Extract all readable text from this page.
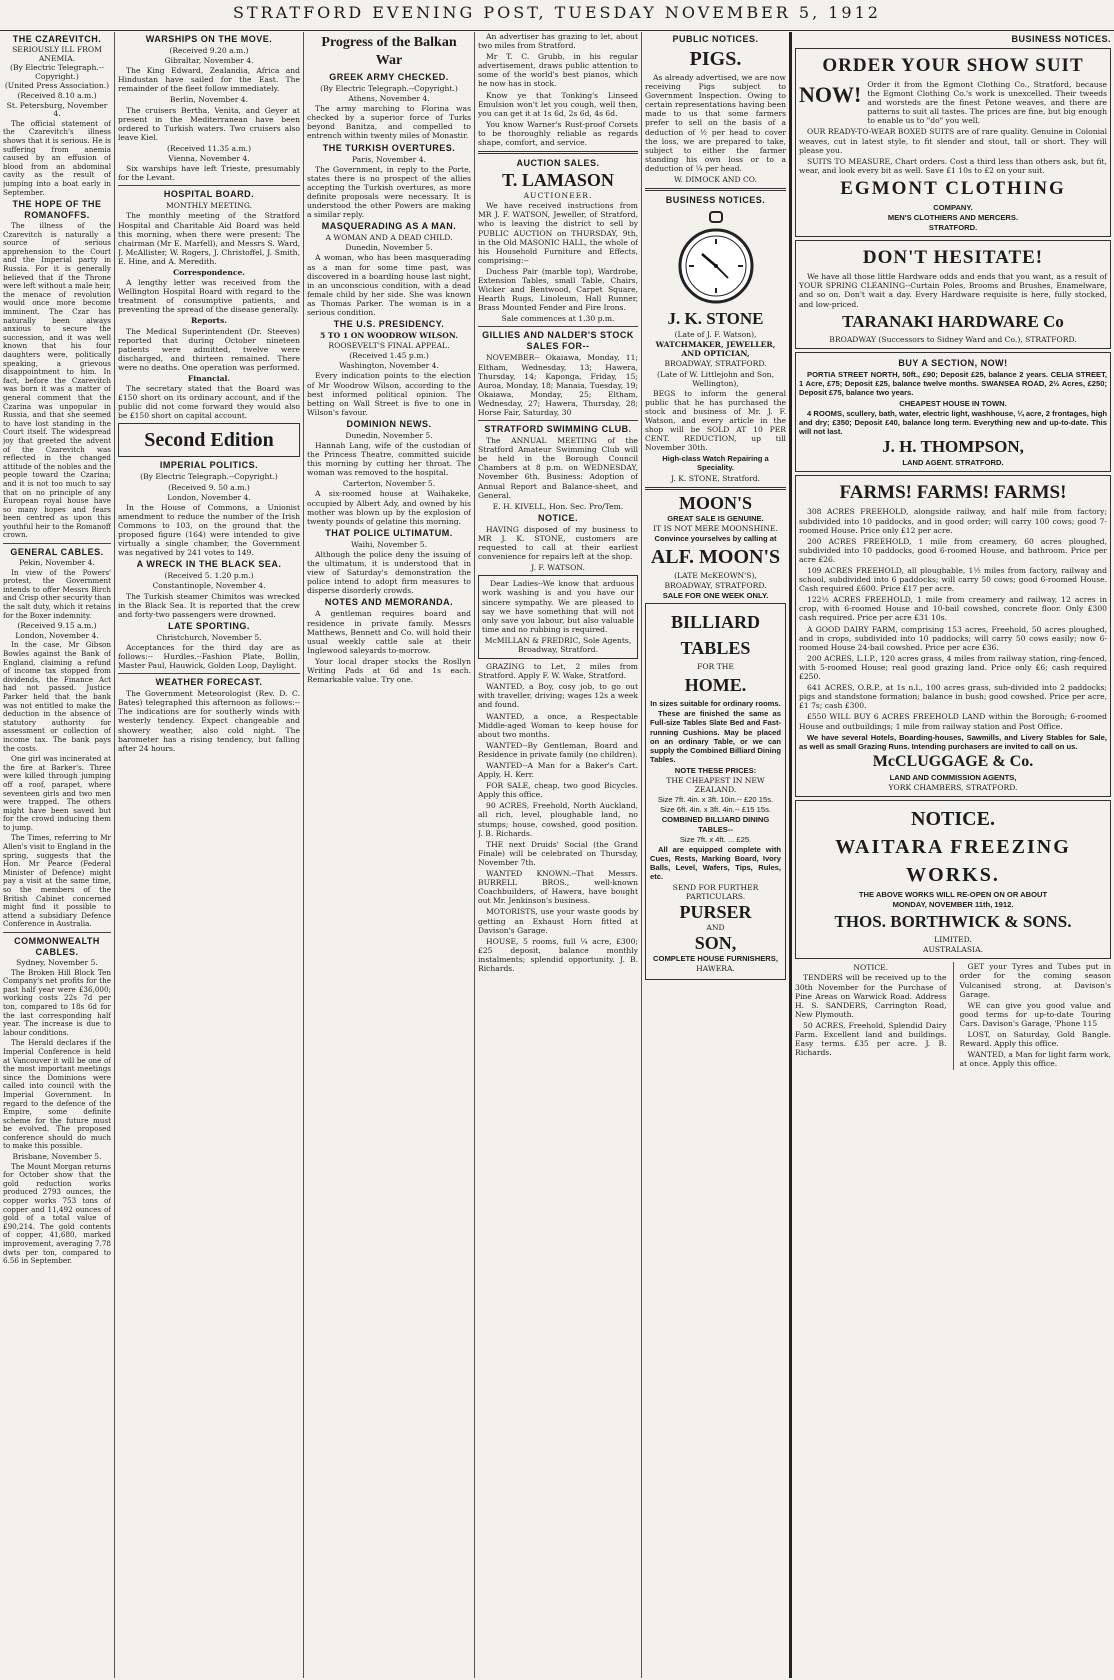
STRATFORD EVENING POST, TUESDAY NOVEMBER 5, 1912
THE CZAREVITCH.
SERIOUSLY ILL FROM ANEMIA.
(By Electric Telegraph.--Copyright.)
(United Press Association.)
(Received 8.10 a.m.)
St. Petersburg, November 4.

The official statement of the Czarevitch's illness shows that it is serious. He is suffering from anemia caused by an effusion of blood from an abdominal cavity as the result of jumping into a boat early in September.

THE HOPE OF THE ROMANOFFS.

The illness of the Czarevitch is naturally a source of serious apprehension to the Court and the Imperial party in Russia. For it is generally believed that if the Throne were left without a male heir, the menace of revolution would once more become imminent. The Czar has naturally been always anxious to secure the succession, and it was well known that his four daughters were, politically speaking, a grievous disappointment to him. In fact, before the Czarevitch was born it was a matter of general comment that the Czarina was unpopular in Russia, and that she seemed to have lost standing in the Court itself. The widespread joy that greeted the advent of the Czarevitch was reflected in the changed attitude of the nobles and the people toward the Czarina; and it is not too much to say that on no principle of any European royal house have so many hopes and fears been centred as upon this youthful heir to the Romanoff crown.

GENERAL CABLES.
Pekin, November 4.

In view of the Powers' protest, the Government intends to offer Messrs Birch and Crisp other security than the salt duty, which it retains for the Boxer indemnity.

(Received 9.15 a.m.)
London, November 4.

In the case, Mr Gibson Bowles against the Bank of England, claiming a refund of income tax stopped from dividends, the Finance Act had not passed. Justice Parker held that the bank was not entitled to make the deduction in the absence of statutory authority for assessment or collection of income tax. The bank pays the costs.

One girl was incinerated at the fire at Barker's. Three were killed through jumping off a roof, parapet, where seventeen girls and two men were trapped. The others might have been saved but for the crowd inducing them to jump.

The Times, referring to Mr Allen's visit to England in the spring, suggests that the Hon. Mr Pearce (Federal Minister of Defence) might pay a visit at the same time, so the members of the British Cabinet concerned might find it possible to attend a subsidiary Defence Conference in Australia.

COMMONWEALTH CABLES.
Sydney, November 5.

The Broken Hill Block Ten Company's net profits for the past half year were £36,000; working costs 22s 7d per ton, compared to 18s 6d for the last corresponding half year. The increase is due to labour conditions.

The Herald declares if the Imperial Conference is held at Vancouver it will be one of the most important meetings since the Dominions were called into council with the Imperial Government. In regard to the defence of the Empire, some definite scheme for the future must be evolved. The proposed conference should do much to make this possible.

Brisbane, November 5.

The Mount Morgan returns for October show that the gold reduction works produced 2793 ounces, the copper works 753 tons of copper and 11,492 ounces of gold of a total value of £90,214. The gold contents of copper, 41,680, marked improvement, averaging 7.78 dwts per ton, compared to 6.56 in September.

WARSHIPS ON THE MOVE.
(Received 9.20 a.m.)
Gibraltar, November 4.

The King Edward, Zealandia, Africa and Hindustan have sailed for the East. The remainder of the fleet follow immediately.

Berlin, November 4.

The cruisers Bertha, Venita, and Geyer at present in the Mediterranean have been ordered to Turkish waters. Two cruisers also leave Kiel.

(Received 11.35 a.m.)
Vienna, November 4.

Six warships have left Trieste, presumably for the Levant.

HOSPITAL BOARD.
MONTHLY MEETING.

The monthly meeting of the Stratford Hospital and Charitable Aid Board was held this morning, when there were present: The chairman (Mr E. Marfell), and Messrs S. Ward, J. McAllister, W. Rogers, J. Christoffel, J. Smith, E. Hine, and A. Meredith.

Correspondence.

A lengthy letter was received from the Wellington Hospital Board with regard to the treatment of consumptive patients, and preventing the spread of the disease generally.

Reports.

The Medical Superintendent (Dr. Steeves) reported that during October nineteen patients were admitted, twelve were discharged, and thirteen remained. There were no deaths. One operation was performed.

Financial.

The secretary stated that the Board was £150 short on its ordinary account, and if the public did not come forward they would also be £150 short on capital account.

Second Edition
IMPERIAL POLITICS.
(By Electric Telegraph.--Copyright.)
(Received 9. 50 a.m.)
London, November 4.

In the House of Commons, a Unionist amendment to reduce the number of the Irish Commons to 103, on the ground that the proposed figure (164) were intended to give virtually a single chamber, the Government was negatived by 241 votes to 149.

A WRECK IN THE BLACK SEA.
(Received 5. 1.20 p.m.)
Constantinople, November 4.

The Turkish steamer Chimitos was wrecked in the Black Sea. It is reported that the crew and forty-two passengers were drowned.

LATE SPORTING.
Christchurch, November 5.

Acceptances for the third day are as follows:-- Hurdles.--Fashion Plate, Bollin, Master Paul, Hauwick, Golden Loop, Daylight.

WEATHER FORECAST.

The Government Meteorologist (Rev. D. C. Bates) telegraphed this afternoon as follows:-- The indications are for southerly winds with westerly tendency. Expect changeable and showery weather, also cold night. The barometer has a rising tendency, but falling after 24 hours.

Progress of the Balkan War
GREEK ARMY CHECKED.
(By Electric Telegraph.--Copyright.)
Athens, November 4.

The army marching to Florina was checked by a superior force of Turks beyond Banitza, and compelled to entrench within twenty miles of Monastir.

THE TURKISH OVERTURES.
Paris, November 4.

The Government, in reply to the Porte, states there is no prospect of the allies accepting the Turkish overtures, as more definite proposals were necessary. It is understood the other Powers are making a similar reply.

MASQUERADING AS A MAN.
A WOMAN AND A DEAD CHILD.
Dunedin, November 5.

A woman, who has been masquerading as a man for some time past, was discovered in a boarding house last night, in an unconscious condition, with a dead female child by her side. She was known as Thomas Parker. The woman is in a serious condition.

THE U.S. PRESIDENCY.
5 TO 1 ON WOODROW WILSON.
ROOSEVELT'S FINAL APPEAL.
(Received 1.45 p.m.)
Washington, November 4.

Every indication points to the election of Mr Woodrow Wilson, according to the best informed political opinion. The betting on Wall Street is five to one in Wilson's favour.

DOMINION NEWS.
Dunedin, November 5.

Hannah Lang, wife of the custodian of the Princess Theatre, committed suicide this morning by cutting her throat. The woman was removed to the hospital.

Carterton, November 5.

A six-roomed house at Waihakeke, occupied by Albert Ady, and owned by his mother was blown up by the explosion of twenty pounds of gelatine this morning.

THAT POLICE ULTIMATUM.
Waihi, November 5.

Although the police deny the issuing of the ultimatum, it is understood that in view of Saturday's demonstration the police intend to adopt firm measures to disperse disorderly crowds.

NOTES AND MEMORANDA.

A gentleman requires board and residence in private family. Messrs Matthews, Bennett and Co. will hold their usual weekly cattle sale at their Inglewood saleyards to-morrow.

Your local draper stocks the Rosllyn Writing Pads at 6d and 1s each. Remarkable value. Try one.

An advertiser has grazing to let, about two miles from Stratford.

Mr T. C. Grubb, in his regular advertisement, draws public attention to some of the world's best pianos, which he now has in stock.

Know ye that Tonking's Linseed Emulsion won't let you cough, well then, you can get it at 1s 6d, 2s 6d, 4s 6d.

You know Warner's Rust-proof Corsets to be thoroughly reliable as regards shape, comfort, and service.

AUCTION SALES.
T. LAMASON
AUCTIONEER.

We have received instructions from MR J. F. WATSON, Jeweller, of Stratford, who is leaving the district to sell by PUBLIC AUCTION on THURSDAY, 9th, in the Old MASONIC HALL, the whole of his Household Furniture and Effects, comprising:--

Duchess Pair (marble top), Wardrobe, Extension Tables, small Table, Chairs, Wicker and Bentwood, Carpet Square, Hearth Rugs, Linoleum, Hall Runner, Brass Mounted Fender and Fire Irons.

Sale commences at 1.30 p.m.
GILLIES AND NALDER'S STOCK SALES FOR--

NOVEMBER-- Okaiawa, Monday, 11; Eltham, Wednesday, 13; Hawera, Thursday, 14; Kaponga, Friday, 15; Auroa, Monday, 18; Manaia, Tuesday, 19; Okaiawa, Monday, 25; Eltham, Wednesday, 27; Hawera, Thursday, 28; Horse Fair, Saturday, 30

STRATFORD SWIMMING CLUB.

The ANNUAL MEETING of the Stratford Amateur Swimming Club will be held in the Borough Council Chambers at 8 p.m. on WEDNESDAY, November 6th. Business: Adoption of Annual Report and Balance-sheet, and General.

E. H. KIVELL, Hon. Sec. Pro/Tem.
NOTICE.

HAVING disposed of my business to MR J. K. STONE, customers are requested to call at their earliest convenience for repairs left at the shop.

J. F. WATSON.

Dear Ladies--We know that arduous work washing is and you have our sincere sympathy. We are pleased to say we have something that will not only save you labour, but also valuable time and no rubbing is required.

McMILLAN & FREDRIC, Sole Agents, Broadway, Stratford.

GRAZING to Let, 2 miles from Stratford. Apply F. W. Wake, Stratford.

WANTED, a Boy, cosy job, to go out with traveller, driving; wages 12s a week and found.

WANTED, a once, a Respectable Middle-aged Woman to keep house for about two months.

WANTED--By Gentleman, Board and Residence in private family (no children).

WANTED--A Man for a Baker's Cart. Apply, H. Kerr.

FOR SALE, cheap, two good Bicycles. Apply this office.

90 ACRES, Freehold, North Auckland, all rich, level, ploughable land, no stumps; house, cowshed, good position. J. B. Richards.

THE next Druids' Social (the Grand Finale) will be celebrated on Thursday, November 7th.

WANTED KNOWN.--That Messrs. BURRELL BROS., well-known Coachbuilders, of Hawera, have bought out Mr. Jenkinson's business.

MOTORISTS, use your waste goods by getting an Exhaust Horn fitted at Davison's Garage.

HOUSE, 5 rooms, full ¼ acre, £300; £25 deposit, balance monthly instalments; splendid opportunity. J. B. Richards.

PUBLIC NOTICES.
PIGS.

As already advertised, we are now receiving Pigs subject to Government Inspection. Owing to certain representations having been made to us that some farmers prefer to sell on the basis of a deduction of ½ per head to cover the loss, we are prepared to take, subject to either the farmer standing his own loss or to a deduction of ¼ per head.

W. DIMOCK AND CO.
BUSINESS NOTICES.
J. K. STONE
(Late of J. F. Watson),
WATCHMAKER, JEWELLER, AND OPTICIAN,
BROADWAY, STRATFORD.
(Late of W. Littlejohn and Son, Wellington),

BEGS to inform the general public that he has purchased the stock and business of Mr. J. F. Watson, and every article in the shop will be SOLD AT 10 PER CENT. REDUCTION, up till November 30th.

High-class Watch Repairing a Speciality.
J. K. STONE, Stratford.
MOON'S
GREAT SALE IS GENUINE.
IT IS NOT MERE MOONSHINE.
Convince yourselves by calling at
ALF. MOON'S
(LATE McKEOWN'S),
BROADWAY, STRATFORD.
SALE FOR ONE WEEK ONLY.
BILLIARD
TABLES
FOR THE
HOME.
In sizes suitable for ordinary rooms.

These are finished the same as Full-size Tables Slate Bed and Fast-running Cushions. May be placed on an ordinary Table, or we can supply the Combined Billiard Dining Tables.

NOTE THESE PRICES:
THE CHEAPEST IN NEW ZEALAND.
Size 7ft. 4in. x 3ft. 10in.-- £20 15s.
Size 6ft. 4in. x 3ft. 4in.-- £15 15s.
COMBINED BILLIARD DINING TABLES--
Size 7ft. x 4ft. ... £25.

All are equipped complete with Cues, Rests, Marking Board, Ivory Balls, Level, Wafers, Tips, Rules, etc.

SEND FOR FURTHER PARTICULARS.
PURSER
AND
SON,
COMPLETE HOUSE FURNISHERS,
HAWERA.
BUSINESS NOTICES.
ORDER YOUR SHOW SUIT
NOW! Order it from the Egmont Clothing Co., Stratford, because the Egmont Clothing Co.'s work is unexcelled. Their tweeds and worsteds are the finest Petone weaves, and there are patterns to suit all tastes. The prices are fine, but big enough to enable us to "do" you well.

OUR READY-TO-WEAR BOXED SUITS are of rare quality. Genuine in Colonial weaves, cut in latest style, to fit slender and stout, tall or short. They will please you.

SUITS TO MEASURE, Chart orders. Cost a third less than others ask, but fit, wear, and look every bit as well. Save £1 10s to £2 on your suit.

EGMONT CLOTHING
COMPANY.
MEN'S CLOTHIERS AND MERCERS.
STRATFORD.
DON'T HESITATE!

We have all those little Hardware odds and ends that you want, as a result of YOUR SPRING CLEANING--Curtain Poles, Brooms and Brushes, Enamelware, and so on. Don't wait a day. Every Hardware requisite is here, fully stocked, and low-priced.

TARANAKI HARDWARE Co
BROADWAY (Successors to Sidney Ward and Co.), STRATFORD.
BUY A SECTION, NOW!

PORTIA STREET NORTH, 50ft., £90; Deposit £25, balance 2 years. CELIA STREET, 1 Acre, £75; Deposit £25, balance twelve months. SWANSEA ROAD, 2½ Acres, £250; Deposit £75, balance two years.

CHEAPEST HOUSE IN TOWN.

4 ROOMS, scullery, bath, water, electric light, washhouse, ¼ acre, 2 frontages, high and dry; £350; Deposit £40, balance long term. Everything new and up-to-date. This will not last.

J. H. THOMPSON,
LAND AGENT. STRATFORD.
FARMS! FARMS! FARMS!

308 ACRES FREEHOLD, alongside railway, and half mile from factory; subdivided into 10 paddocks, and in good order; will carry 100 cows; good 7-roomed House. Price only £12 per acre.

200 ACRES FREEHOLD, 1 mile from creamery, 60 acres ploughed, subdivided into 10 paddocks, good 6-roomed House, and bathroom. Price per acre £26.

109 ACRES FREEHOLD, all ploughable, 1½ miles from factory, railway and school, subdivided into 6 paddocks; will carry 50 cows; good 6-roomed House. Cash required £600. Price £17 per acre.

122½ ACRES FREEHOLD, 1 mile from creamery and railway, 12 acres in crop, with 6-roomed House and 10-bail cowshed, concrete floor. Only £300 cash required. Price per acre £31 10s.

A GOOD DAIRY FARM, comprising 153 acres, Freehold, 50 acres ploughed, and in crops, subdivided into 10 paddocks; will carry 50 cows easily; now 6-roomed House 24-bail cowshed. Price per acre £36.

200 ACRES, L.I.P., 120 acres grass, 4 miles from railway station, ring-fenced, with 5-roomed House; real good grazing land. Price only £6; cash required £250.

641 ACRES, O.R.P., at 1s n.l., 100 acres grass, sub-divided into 2 paddocks; pigs and standstone formation; balance in bush; good cowshed. Price per acre, £1 7s; cash £300.

£550 WILL BUY 6 ACRES FREEHOLD LAND within the Borough; 6-roomed House and outbuildings; 1 mile from railway station and Post Office.

We have several Hotels, Boarding-houses, Sawmills, and Livery Stables for Sale, as well as small Grazing Runs. Intending purchasers are invited to call on us.

McCLUGGAGE & Co.
LAND AND COMMISSION AGENTS,
YORK CHAMBERS, STRATFORD.
NOTICE.
WAITARA FREEZING
WORKS.
THE ABOVE WORKS WILL RE-OPEN ON OR ABOUT
MONDAY, NOVEMBER 11th, 1912.
THOS. BORTHWICK & SONS.
LIMITED.
AUSTRALASIA.
NOTICE.

TENDERS will be received up to the 30th November for the Purchase of Pine Areas on Warwick Road. Address H. S. SANDERS, Carrington Road, New Plymouth.

50 ACRES, Freehold, Splendid Dairy Farm. Excellent land and buildings. Easy terms. £35 per acre. J. B. Richards.

GET your Tyres and Tubes put in order for the coming season Vulcanised strong, at Davison's Garage.

WE can give you good value and good terms for up-to-date Touring Cars. Davison's Garage, 'Phone 115

LOST, on Saturday, Gold Bangle. Reward. Apply this office.

WANTED, a Man for light farm work, at once. Apply this office.
